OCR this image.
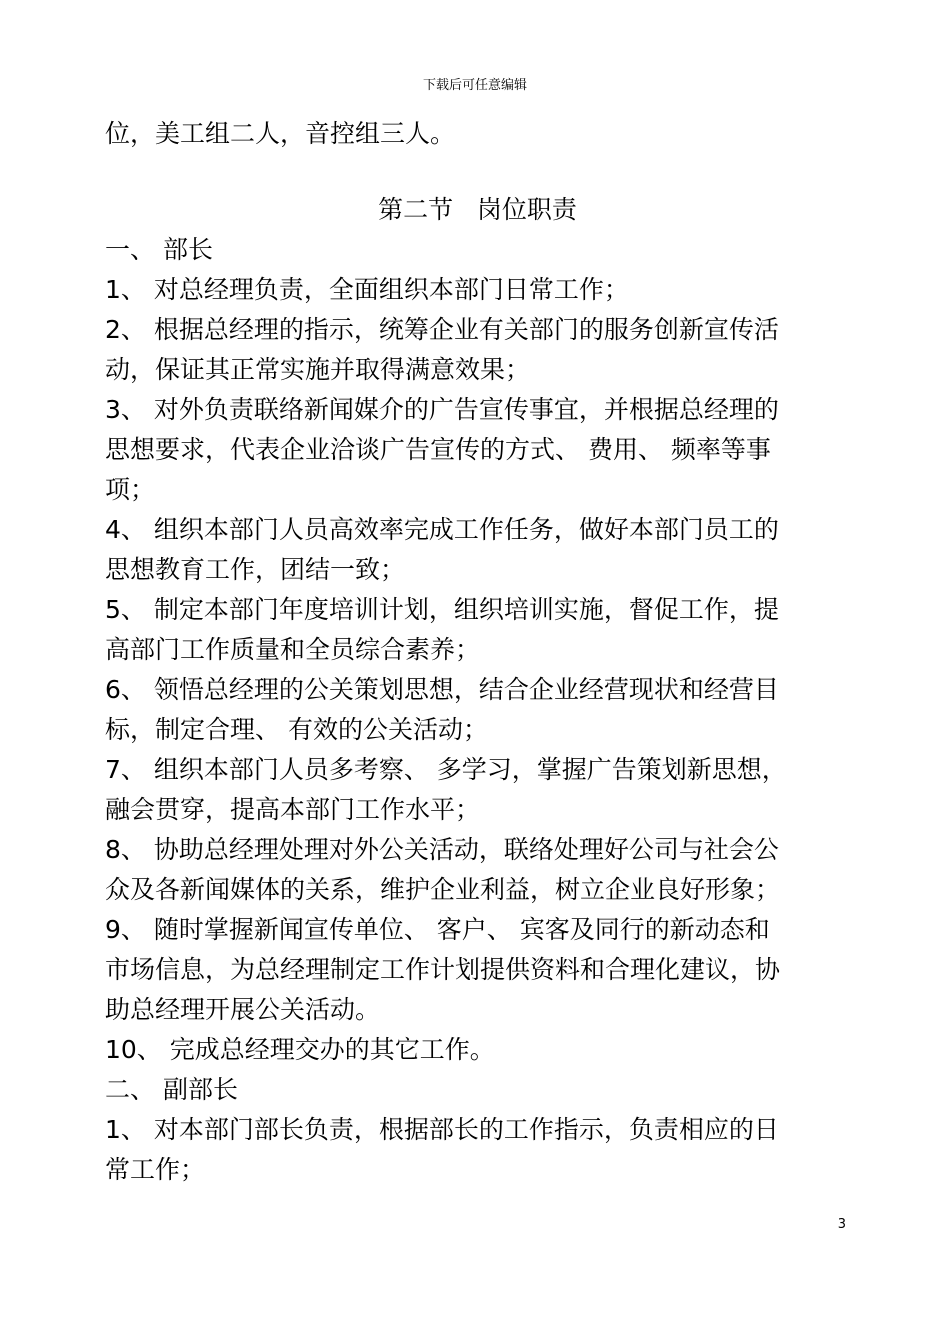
下载后可任意编辑
位，美工组二人，音控组三人。
第二节   岗位职责
一、 部长
1、 对总经理负责，全面组织本部门日常工作；
2、 根据总经理的指示，统筹企业有关部门的服务创新宣传活
动，保证其正常实施并取得满意效果；
3、 对外负责联络新闻媒介的广告宣传事宜，并根据总经理的
思想要求，代表企业洽谈广告宣传的方式、 费用、 频率等事
项；
4、 组织本部门人员高效率完成工作任务，做好本部门员工的
思想教育工作，团结一致；
5、 制定本部门年度培训计划，组织培训实施，督促工作，提
高部门工作质量和全员综合素养；
6、 领悟总经理的公关策划思想，结合企业经营现状和经营目
标，制定合理、 有效的公关活动；
7、 组织本部门人员多考察、 多学习，掌握广告策划新思想，
融会贯穿，提高本部门工作水平；
8、 协助总经理处理对外公关活动，联络处理好公司与社会公
众及各新闻媒体的关系，维护企业利益，树立企业良好形象；
9、 随时掌握新闻宣传单位、 客户、 宾客及同行的新动态和
市场信息，为总经理制定工作计划提供资料和合理化建议，协
助总经理开展公关活动。
10、 完成总经理交办的其它工作。
二、 副部长
1、 对本部门部长负责，根据部长的工作指示，负责相应的日
常工作；
3
